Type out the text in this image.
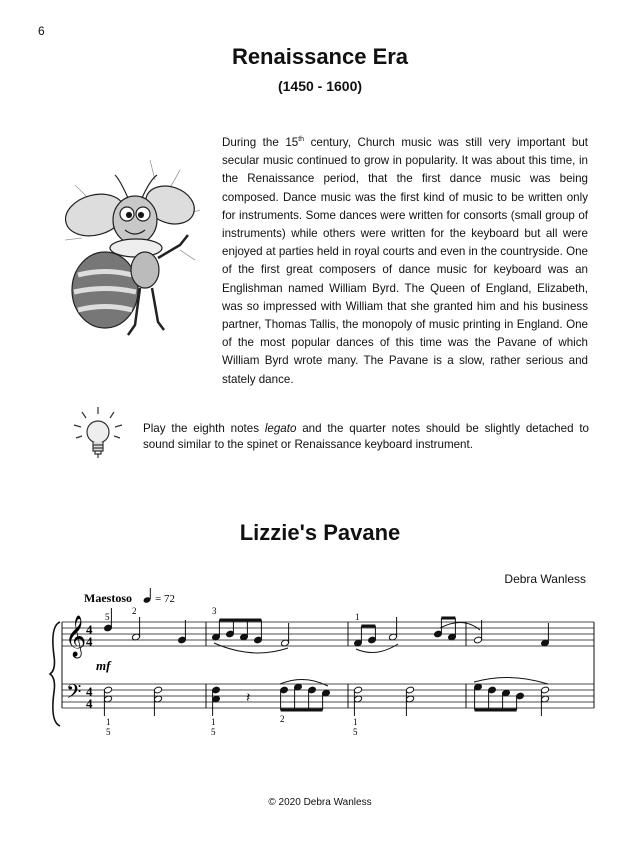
6
Renaissance Era
(1450 - 1600)
During the 15th century, Church music was still very important but secular music continued to grow in popularity. It was about this time, in the Renaissance period, that the first dance music was being composed. Dance music was the first kind of music to be written only for instruments. Some dances were written for consorts (small group of instruments) while others were written for the keyboard but all were enjoyed at parties held in royal courts and even in the countryside. One of the first great composers of dance music for keyboard was an Englishman named William Byrd. The Queen of England, Elizabeth, was so impressed with William that she granted him and his business partner, Thomas Tallis, the monopoly of music printing in England. One of the most popular dances of this time was the Pavane of which William Byrd wrote many. The Pavane is a slow, rather serious and stately dance.
Play the eighth notes legato and the quarter notes should be slightly detached to sound similar to the spinet or Renaissance keyboard instrument.
Lizzie's Pavane
Debra Wanless
Maestoso = 72
𝄞
𝄢
4
4
4
4
mf
5
2	3
1
2
1
5
1
5
1
5
𝄽
© 2020 Debra Wanless
